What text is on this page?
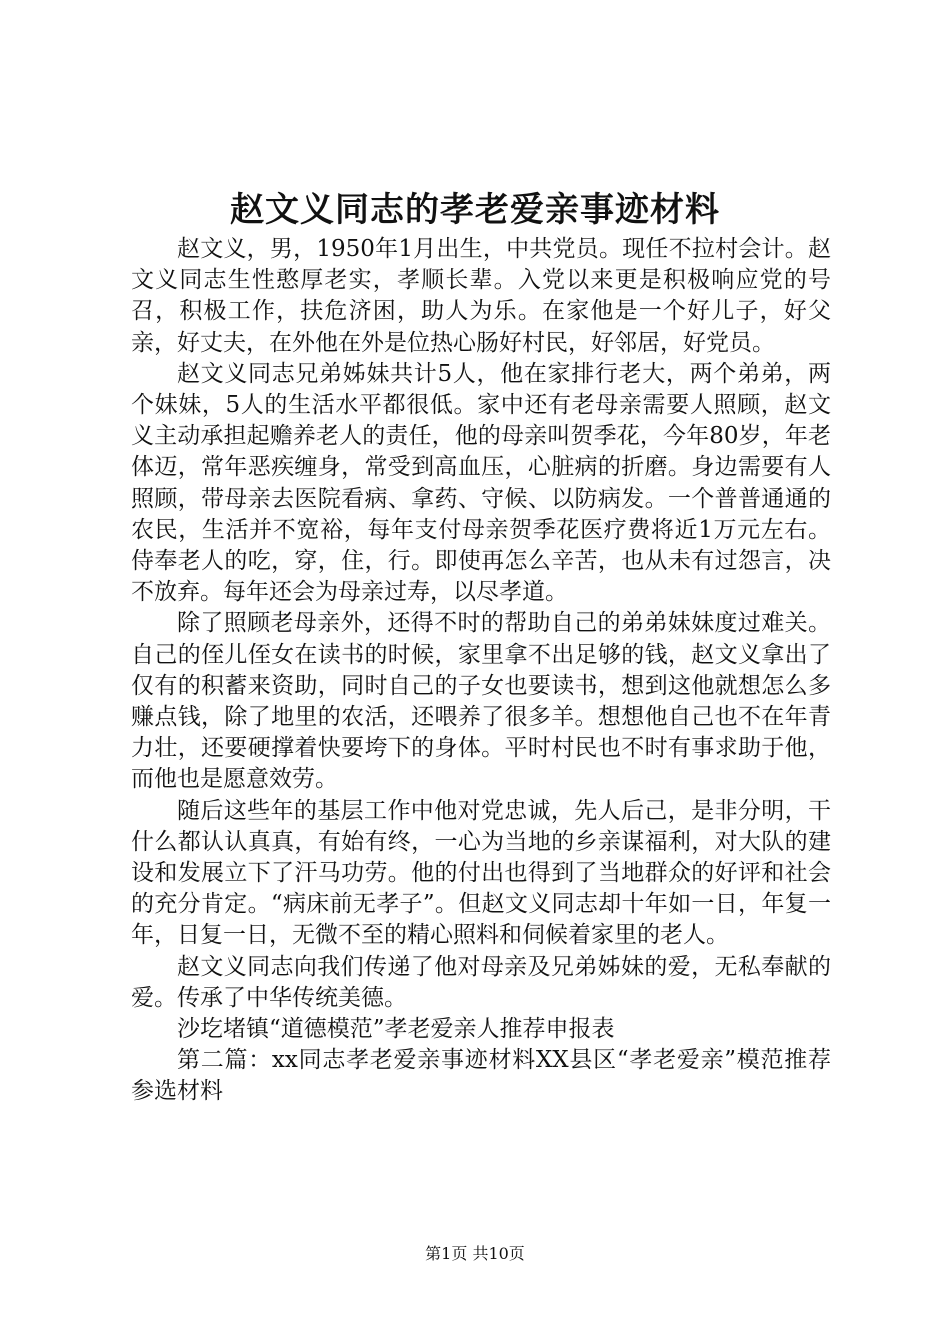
赵文义同志的孝老爱亲事迹材料

赵文义，男，1950年1月出生，中共党员。现任不拉村会计。赵文义同志生性憨厚老实，孝顺长辈。入党以来更是积极响应党的号召，积极工作，扶危济困，助人为乐。在家他是一个好儿子，好父亲，好丈夫，在外他在外是位热心肠好村民，好邻居，好党员。

赵文义同志兄弟姊妹共计5人，他在家排行老大，两个弟弟，两个妹妹，5人的生活水平都很低。家中还有老母亲需要人照顾，赵文义主动承担起赡养老人的责任，他的母亲叫贺季花，今年80岁，年老体迈，常年恶疾缠身，常受到高血压，心脏病的折磨。身边需要有人照顾，带母亲去医院看病、拿药、守候、以防病发。一个普普通通的农民，生活并不宽裕，每年支付母亲贺季花医疗费将近1万元左右。侍奉老人的吃，穿，住，行。即使再怎么辛苦，也从未有过怨言，决不放弃。每年还会为母亲过寿，以尽孝道。

除了照顾老母亲外，还得不时的帮助自己的弟弟妹妹度过难关。自己的侄儿侄女在读书的时候，家里拿不出足够的钱，赵文义拿出了仅有的积蓄来资助，同时自己的子女也要读书，想到这他就想怎么多赚点钱，除了地里的农活，还喂养了很多羊。想想他自己也不在年青力壮，还要硬撑着快要垮下的身体。平时村民也不时有事求助于他，而他也是愿意效劳。

随后这些年的基层工作中他对党忠诚，先人后己，是非分明，干什么都认认真真，有始有终，一心为当地的乡亲谋福利，对大队的建设和发展立下了汗马功劳。他的付出也得到了当地群众的好评和社会的充分肯定。“病床前无孝子”。但赵文义同志却十年如一日，年复一年，日复一日，无微不至的精心照料和伺候着家里的老人。

赵文义同志向我们传递了他对母亲及兄弟姊妹的爱，无私奉献的爱。传承了中华传统美德。

沙圪堵镇“道德模范”孝老爱亲人推荐申报表

第二篇：xx同志孝老爱亲事迹材料XX县区“孝老爱亲”模范推荐参选材料

第1页 共10页
